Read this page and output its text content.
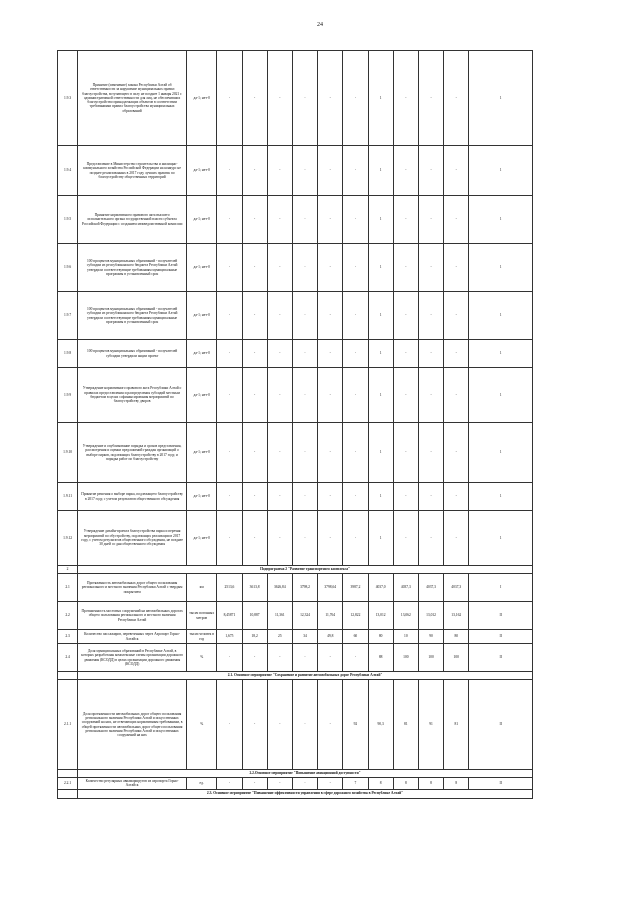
24
1.9.3	Принятие (изменение) закона Республики Алтай об ответственности за нарушение муниципальных правил благоустройства, вступающего в силу не позднее 1 января 2021 г. административной ответственности для лиц, не обеспечивших благоустройство принадлежащих объектов в соответствии требованиями правил благоустройства муниципальных образований	да-1; нет-0	-	-	-	-	-	-	1	-	-	-	1
1.9.4	Представление в Министерство строительства и жилищно-коммунального хозяйства Российской Федерации на конкурс не позднее реализованных в 2017 году лучших практик по благоустройству общественных территорий	да-1; нет-0	-	-	-	-	-	-	1	-	-	-	1
1.9.5	Принятие нормативного правового акта высшего исполнительного органа государственной власти субъекта Российской Федерации с созданием межведомственной комиссии	да-1; нет-0	-	-	-	-	-	-	1	-	-	-	1
1.9.6	100 процентов муниципальных образований - получателей субсидии из республиканского бюджета Республики Алтай утвердили соответствующие требованиям муниципальные программы в установленный срок	да-1; нет-0	-	-	-	-	-	-	1	-	-	-	1
1.9.7	100 процентов муниципальных образований - получателей субсидии из республиканского бюджета Республики Алтай утвердили соответствующие требованиям муниципальные программы в установленный срок	да-1; нет-0	-	-	-	-	-	-	1	-	-	-	1
1.9.8	100 процентов муниципальных образований - получателей субсидии утвердили акции проект	да-1; нет-0	-	-	-	-	-	-	1	-	-	-	1
1.9.9	Утверждение нормативного правового акта Республики Алтай о правилах предоставления и распределения субсидий местным бюджетам в целях софинансирования мероприятий по благоустройству дворов	да-1; нет-0	-	-	-	-	-	-	1	-	-	-	1
1.9.10	Утверждение и опубликование порядка и сроков представления, рассмотрения и оценки предложений граждан организаций о выборе парков, подлежащих благоустройству в 2017 году, и порядка работ по благоустройству	да-1; нет-0	-	-	-	-	-	-	1	-	-	-	1
1.9.11	Принятие решения о выборе парка, подлежащего благоустройству в 2017 году, с учетом результатов общественного обсуждения	да-1; нет-0	-	-	-	-	-	-	1	-	-	-	1
1.9.12	Утверждение дизайн-проекта благоустройства парка и перечня мероприятий по обустройству, подлежащих реализации в 2017 году, с учетом результатов общественного обсуждения, не позднее 30 дней со дня общественного обсуждения	да-1; нет-0	-	-	-	-	-	-	1	-	-	-	1
2	Подпрограмма 2 "Развитие транспортного комплекса"												
2.1	Протяженность автомобильных дорог общего пользования регионального и местного значения Республики Алтай с твердым покрытием	км	2513,6	3613,8	3626,84	3798,2	3798,64	3987,2	4037,0	4037,3	4037,3	4037,3	I
2.2	Протяженность мостовых сооружений на автомобильных дорогах общего пользования регионального и местного значения Республики Алтай	тысяч погонных метров	8,45871	10,887	11,361	12,324	11,764	12,822	13,012	13,062	13,012	13,162	II
2.3	Количество пассажиров, перевезенных через Аэропорт Горно-Алтайск	тысяч человек в год	1,675	18,2	25	34	49,8	60	80	10	90	80	II
2.4	Доля муниципальных образований в Республике Алтай, в которых разработаны комплексные схемы организации дорожного движения (КСОДД) в целях организации дорожного движения (КСОДД)	%	-	-	-	-	-	-	88	100	100	100	II
	2.1. Основное мероприятие "Сохранение и развитие автомобильных дорог Республики Алтай"												
2.1.1	Доля протяженности автомобильных дорог общего пользования регионального значения Республики Алтай и искусственных сооружений на них, не отвечающих нормативным требованиям, в общей протяженности автомобильных дорог общего пользования регионального значения Республики Алтай и искусственных сооружений на них	%	-	-	-	-	-	92	90,3	81	91	81	II
	2.2.Основное мероприятие "Повышение авиационной доступности"												
2.2.1	Количество регулярных авиамаршрутов из аэропорта Горно-Алтайск	ед.	-	-	-	-	-	7	8	8	8	8	II
	2.3. Основное мероприятие "Повышение эффективности управления в сфере дорожного хозяйства в Республике Алтай"												
